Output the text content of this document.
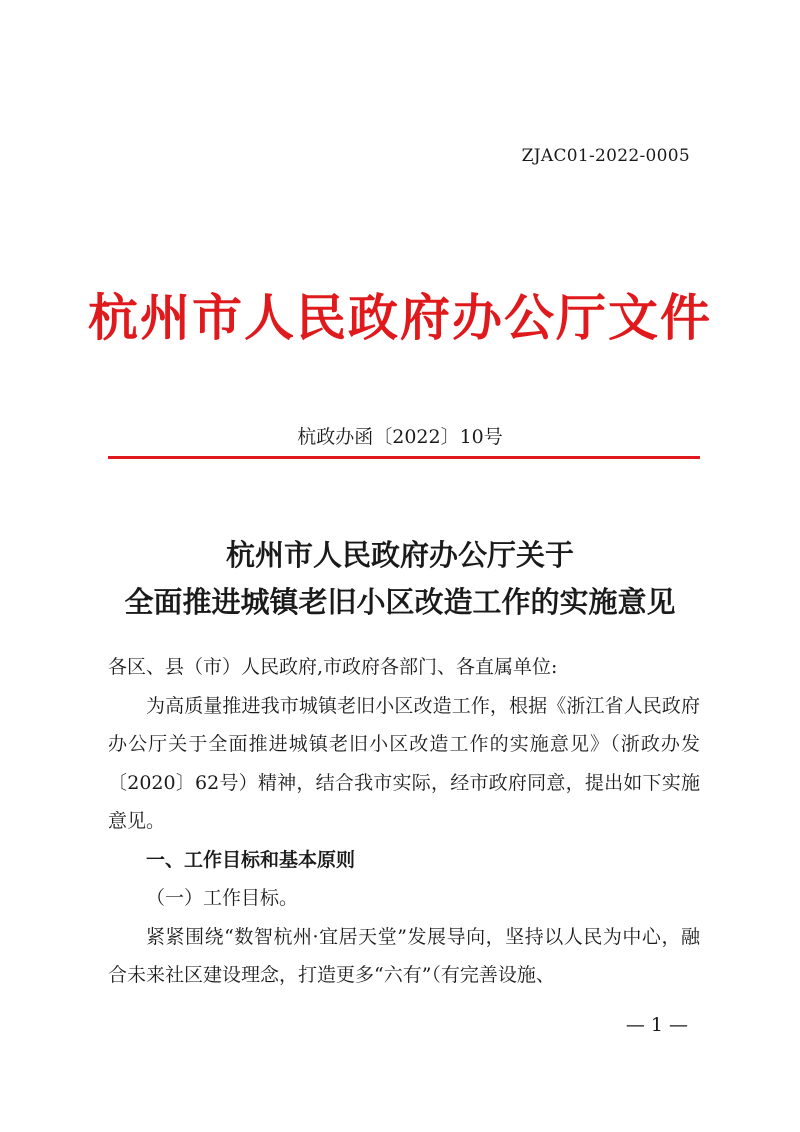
ZJAC01-2022-0005
杭州市人民政府办公厅文件
杭政办函〔2022〕10号
杭州市人民政府办公厅关于
全面推进城镇老旧小区改造工作的实施意见

各区、县（市）人民政府,市政府各部门、各直属单位:

为高质量推进我市城镇老旧小区改造工作，根据《浙江省人民政府办公厅关于全面推进城镇老旧小区改造工作的实施意见》（浙政办发〔2020〕62号）精神，结合我市实际，经市政府同意，提出如下实施意见。

一、工作目标和基本原则

（一）工作目标。

紧紧围绕“数智杭州·宜居天堂”发展导向，坚持以人民为中心，融合未来社区建设理念，打造更多“六有”（有完善设施、

— 1 —
